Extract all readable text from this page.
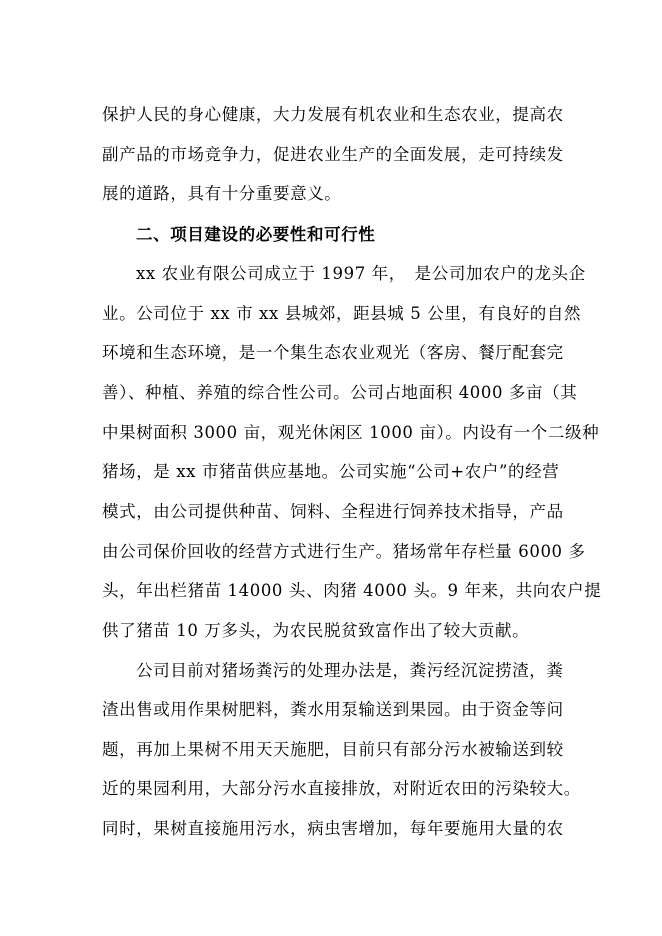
保护人民的身心健康，大力发展有机农业和生态农业，提高农
副产品的市场竞争力，促进农业生产的全面发展，走可持续发
展的道路，具有十分重要意义。
二、项目建设的必要性和可行性
xx 农业有限公司成立于 1997 年，　是公司加农户的龙头企
业。公司位于 xx 市 xx 县城郊，距县城 5 公里，有良好的自然
环境和生态环境，是一个集生态农业观光（客房、餐厅配套完
善）、种植、养殖的综合性公司。公司占地面积 4000 多亩（其
中果树面积 3000 亩，观光休闲区 1000 亩）。内设有一个二级种
猪场，是 xx 市猪苗供应基地。公司实施“公司+农户”的经营
模式，由公司提供种苗、饲料、全程进行饲养技术指导，产品
由公司保价回收的经营方式进行生产。猪场常年存栏量 6000 多
头，年出栏猪苗 14000 头、肉猪 4000 头。9 年来，共向农户提
供了猪苗 10 万多头，为农民脱贫致富作出了较大贡献。
公司目前对猪场粪污的处理办法是，粪污经沉淀捞渣，粪
渣出售或用作果树肥料，粪水用泵输送到果园。由于资金等问
题，再加上果树不用天天施肥，目前只有部分污水被输送到较
近的果园利用，大部分污水直接排放，对附近农田的污染较大。
同时，果树直接施用污水，病虫害增加，每年要施用大量的农
